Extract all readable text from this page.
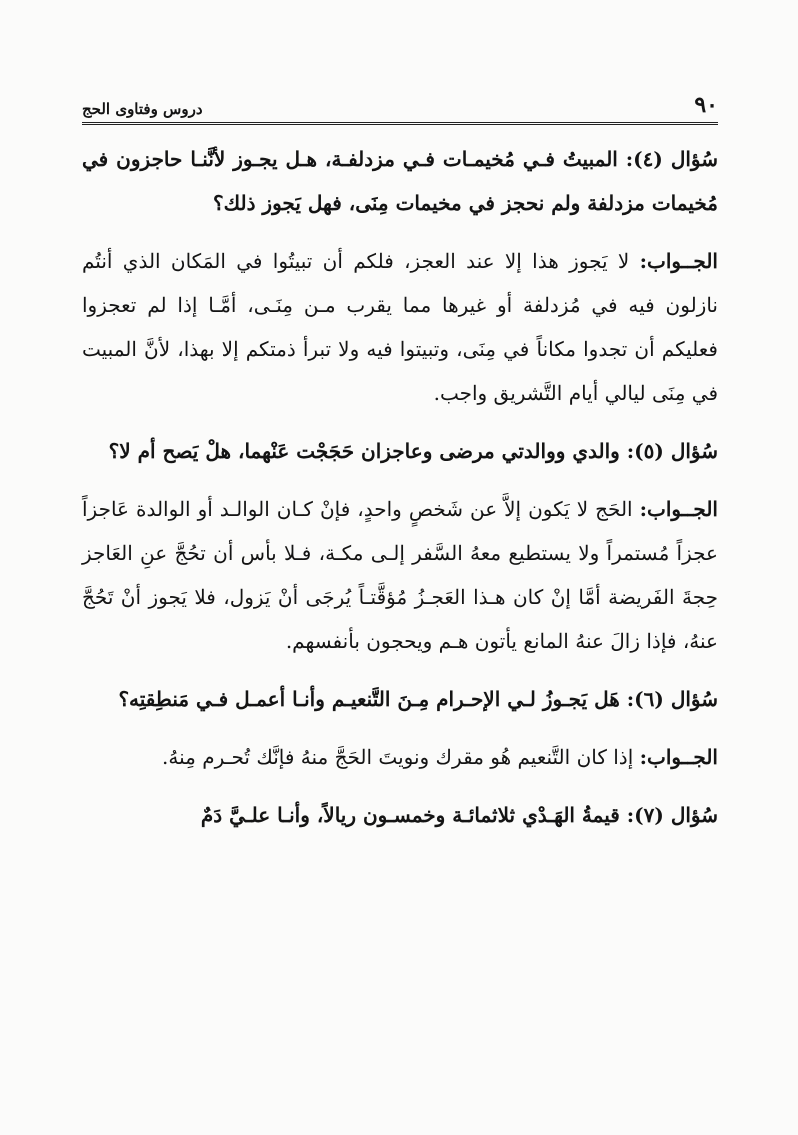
٩٠
دروس وفتاوى الحج

سُؤال (٤): المبيتُ فـي مُخيمـات فـي مزدلفـة، هـل يجـوز لأنَّنـا حاجزون في مُخيمات مزدلفة ولم نحجز في مخيمات مِنَى، فهل يَجوز ذلك؟

الجــواب: لا يَجوز هذا إلا عند العجز، فلكم أن تبيتُوا في المَكان الذي أنتُم نازلون فيه في مُزدلفة أو غيرها مما يقرب مـن مِنَـى، أمَّـا إذا لم تعجزوا فعليكم أن تجدوا مكاناً في مِنَى، وتبيتوا فيه ولا تبرأ ذمتكم إلا بهذا، لأنَّ المبيت في مِنَى ليالي أيام التَّشريق واجب.

سُؤال (٥): والدي ووالدتي مرضى وعاجزان حَجَجْت عَنْهما، هلْ يَصح أم لا؟

الجــواب: الحَج لا يَكون إلاَّ عن شَخصٍ واحدٍ، فإنْ كـان الوالـد أو الوالدة عَاجزاً عجزاً مُستمراً ولا يستطيع معهُ السَّفر إلـى مكـة، فـلا بأس أن تحُجَّ عنِ العَاجز حِجةَ الفَريضة أمَّا إنْ كان هـذا العَجـزُ مُؤقَّتـاً يُرجَى أنْ يَزول، فلا يَجوز أنْ تَحُجَّ عنهُ، فإذا زالَ عنهُ المانع يأتون هـم ويحجون بأنفسهم.

سُؤال (٦): هَل يَجـوزُ لـي الإحـرام مِـنَ التَّنعيـم وأنـا أعمـل فـي مَنطِقتِه؟

الجــواب: إذا كان التَّنعيم هُو مقرك ونويتَ الحَجَّ منهُ فإنَّك تُحـرم مِنهُ.

سُؤال (٧): قيمةُ الهَـدْي ثلاثمائـة وخمسـون ريالاً، وأنـا علـيَّ دَمٌ
